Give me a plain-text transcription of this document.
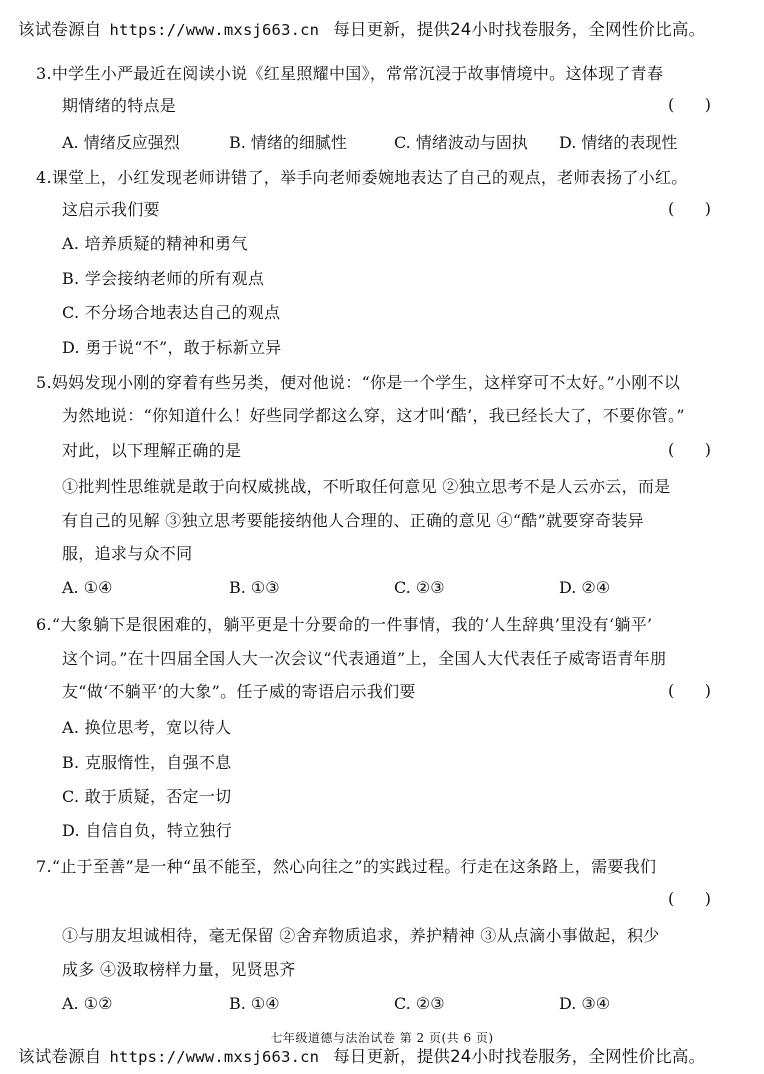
该试卷源自 https://www.mxsj663.cn 每日更新，提供24小时找卷服务，全网性价比高。
3.中学生小严最近在阅读小说《红星照耀中国》，常常沉浸于故事情境中。这体现了青春
期情绪的特点是	(      )
A. 情绪反应强烈	B. 情绪的细腻性	C. 情绪波动与固执 D. 情绪的表现性
4.课堂上，小红发现老师讲错了，举手向老师委婉地表达了自己的观点，老师表扬了小红。
这启示我们要	(      )
A. 培养质疑的精神和勇气
B. 学会接纳老师的所有观点
C. 不分场合地表达自己的观点
D. 勇于说“不”，敢于标新立异
5.妈妈发现小刚的穿着有些另类，便对他说：“你是一个学生，这样穿可不太好。”小刚不以
为然地说：“你知道什么！好些同学都这么穿，这才叫‘酷’，我已经长大了，不要你管。”
对此，以下理解正确的是	(      )
①批判性思维就是敢于向权威挑战，不听取任何意见 ②独立思考不是人云亦云，而是
有自己的见解 ③独立思考要能接纳他人合理的、正确的意见 ④“酷”就要穿奇装异
服，追求与众不同
A. ①④	B. ①③	C. ②③	D. ②④
6.“大象躺下是很困难的，躺平更是十分要命的一件事情，我的‘人生辞典’里没有‘躺平’
这个词。”在十四届全国人大一次会议“代表通道”上，全国人大代表任子威寄语青年朋
友“做‘不躺平’的大象”。任子威的寄语启示我们要	(      )
A. 换位思考，宽以待人
B. 克服惰性，自强不息
C. 敢于质疑，否定一切
D. 自信自负，特立独行
7.“止于至善”是一种“虽不能至，然心向往之”的实践过程。行走在这条路上，需要我们
(      )
①与朋友坦诚相待，毫无保留 ②舍弃物质追求，养护精神 ③从点滴小事做起，积少
成多 ④汲取榜样力量，见贤思齐
A. ①②	B. ①④	C. ②③	D. ③④
七年级道德与法治试卷 第 2 页(共 6 页)
该试卷源自 https://www.mxsj663.cn 每日更新，提供24小时找卷服务，全网性价比高。
